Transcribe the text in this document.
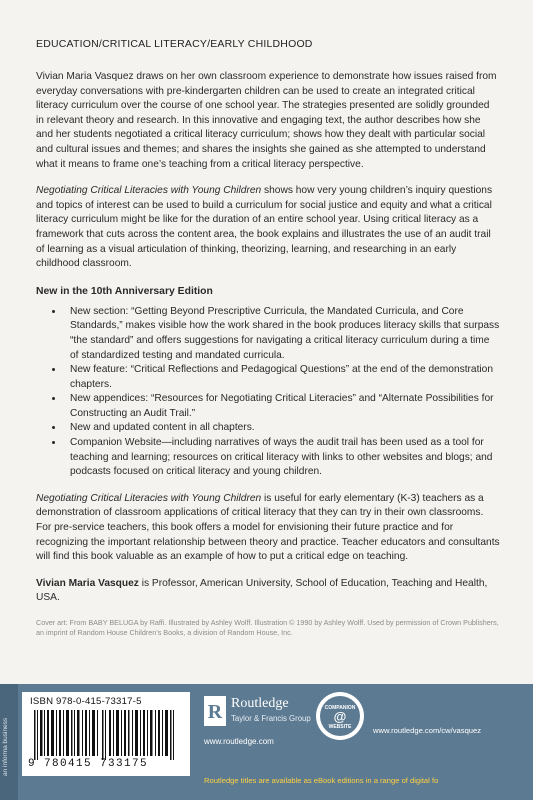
EDUCATION/CRITICAL LITERACY/EARLY CHILDHOOD

Vivian Maria Vasquez draws on her own classroom experience to demonstrate how issues raised from everyday conversations with pre-kindergarten children can be used to create an integrated critical literacy curriculum over the course of one school year. The strategies presented are solidly grounded in relevant theory and research. In this innovative and engaging text, the author describes how she and her students negotiated a critical literacy curriculum; shows how they dealt with particular social and cultural issues and themes; and shares the insights she gained as she attempted to understand what it means to frame one’s teaching from a critical literacy perspective.

Negotiating Critical Literacies with Young Children shows how very young children’s inquiry questions and topics of interest can be used to build a curriculum for social justice and equity and what a critical literacy curriculum might be like for the duration of an entire school year. Using critical literacy as a framework that cuts across the content area, the book explains and illustrates the use of an audit trail of learning as a visual articulation of thinking, theorizing, learning, and researching in an early childhood classroom.

New in the 10th Anniversary Edition
• New section: “Getting Beyond Prescriptive Curricula, the Mandated Curricula, and Core Standards,” makes visible how the work shared in the book produces literacy skills that surpass “the standard” and offers suggestions for navigating a critical literacy curriculum during a time of standardized testing and mandated curricula.
• New feature: “Critical Reflections and Pedagogical Questions” at the end of the demonstration chapters.
• New appendices: “Resources for Negotiating Critical Literacies” and “Alternate Possibilities for Constructing an Audit Trail.”
• New and updated content in all chapters.
• Companion Website—including narratives of ways the audit trail has been used as a tool for teaching and learning; resources on critical literacy with links to other websites and blogs; and podcasts focused on critical literacy and young children.

Negotiating Critical Literacies with Young Children is useful for early elementary (K-3) teachers as a demonstration of classroom applications of critical literacy that they can try in their own classrooms. For pre-service teachers, this book offers a model for envisioning their future practice and for recognizing the important relationship between theory and practice. Teacher educators and consultants will find this book valuable as an example of how to put a critical edge on teaching.

Vivian Maria Vasquez is Professor, American University, School of Education, Teaching and Health, USA.

Cover art: From BABY BELUGA by Raffi. Illustrated by Ashley Wolff. Illustration © 1990 by Ashley Wolff. Used by permission of Crown Publishers, an imprint of Random House Children’s Books, a division of Random House, Inc.
an informa business
ISBN 978-0-415-73317-5
9 780415 733175
R Routledge
Taylor & Francis Group
www.routledge.com
COMPANION
@
WEBSITE	www.routledge.com/cw/vasquez
Routledge titles are available as eBook editions in a range of digital fo
